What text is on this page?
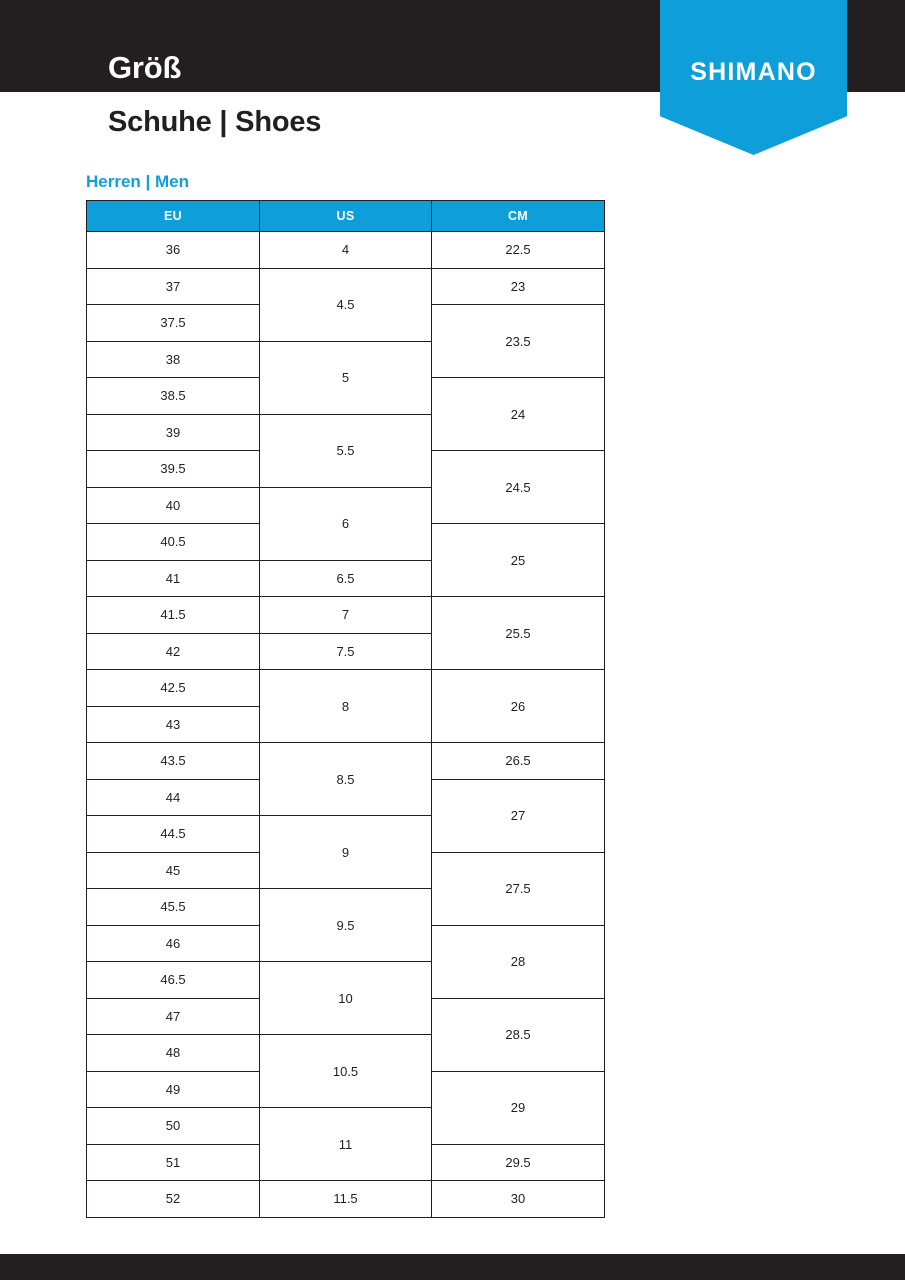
SHIMANO
Größentabelle | Size Chart
Schuhe | Shoes
Herren | Men
EU	US	CM
36	4	22.5
37	4.5	23
37.5		23.5
38	5	
38.5		24
39	5.5	
39.5		24.5
40	6	
40.5		25
41	6.5	
41.5	7	25.5
42	7.5	
42.5	8	26
43		
43.5	8.5	26.5
44		27
44.5	9	
45		27.5
45.5	9.5	
46		28
46.5	10	
47		28.5
48	10.5	
49		29
50	11	
51		29.5
52	11.5	30
